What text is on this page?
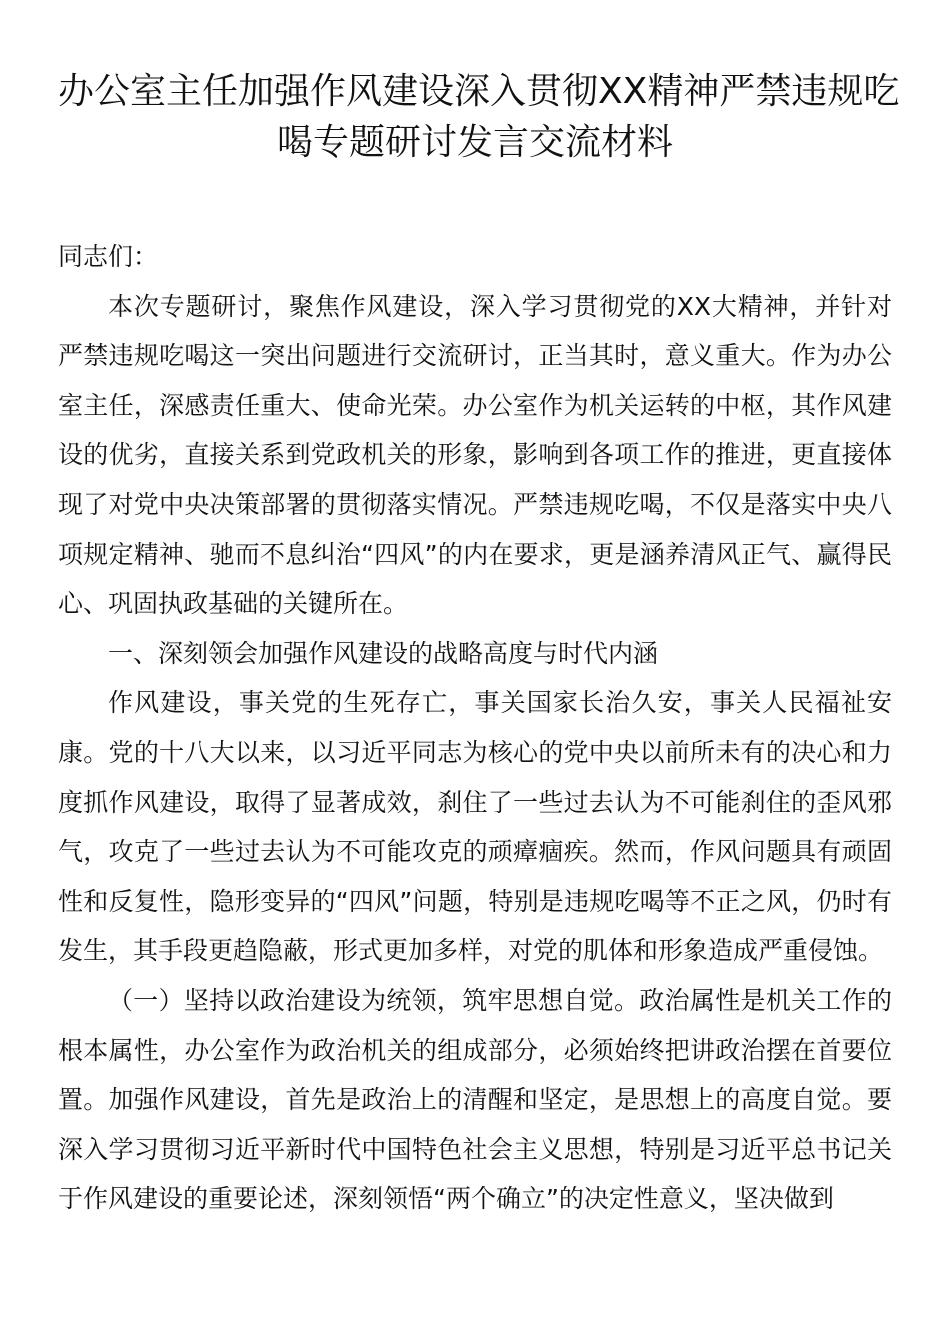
办公室主任加强作风建设深入贯彻XX精神严禁违规吃
喝专题研讨发言交流材料

同志们：

本次专题研讨，聚焦作风建设，深入学习贯彻党的XX大精神，并针对严禁违规吃喝这一突出问题进行交流研讨，正当其时，意义重大。作为办公室主任，深感责任重大、使命光荣。办公室作为机关运转的中枢，其作风建设的优劣，直接关系到党政机关的形象，影响到各项工作的推进，更直接体现了对党中央决策部署的贯彻落实情况。严禁违规吃喝，不仅是落实中央八项规定精神、驰而不息纠治“四风”的内在要求，更是涵养清风正气、赢得民心、巩固执政基础的关键所在。

一、深刻领会加强作风建设的战略高度与时代内涵

作风建设，事关党的生死存亡，事关国家长治久安，事关人民福祉安康。党的十八大以来，以习近平同志为核心的党中央以前所未有的决心和力度抓作风建设，取得了显著成效，刹住了一些过去认为不可能刹住的歪风邪气，攻克了一些过去认为不可能攻克的顽瘴痼疾。然而，作风问题具有顽固性和反复性，隐形变异的“四风”问题，特别是违规吃喝等不正之风，仍时有发生，其手段更趋隐蔽，形式更加多样，对党的肌体和形象造成严重侵蚀。

（一）坚持以政治建设为统领，筑牢思想自觉。政治属性是机关工作的根本属性，办公室作为政治机关的组成部分，必须始终把讲政治摆在首要位置。加强作风建设，首先是政治上的清醒和坚定，是思想上的高度自觉。要深入学习贯彻习近平新时代中国特色社会主义思想，特别是习近平总书记关于作风建设的重要论述，深刻领悟“两个确立”的决定性意义，坚决做到
